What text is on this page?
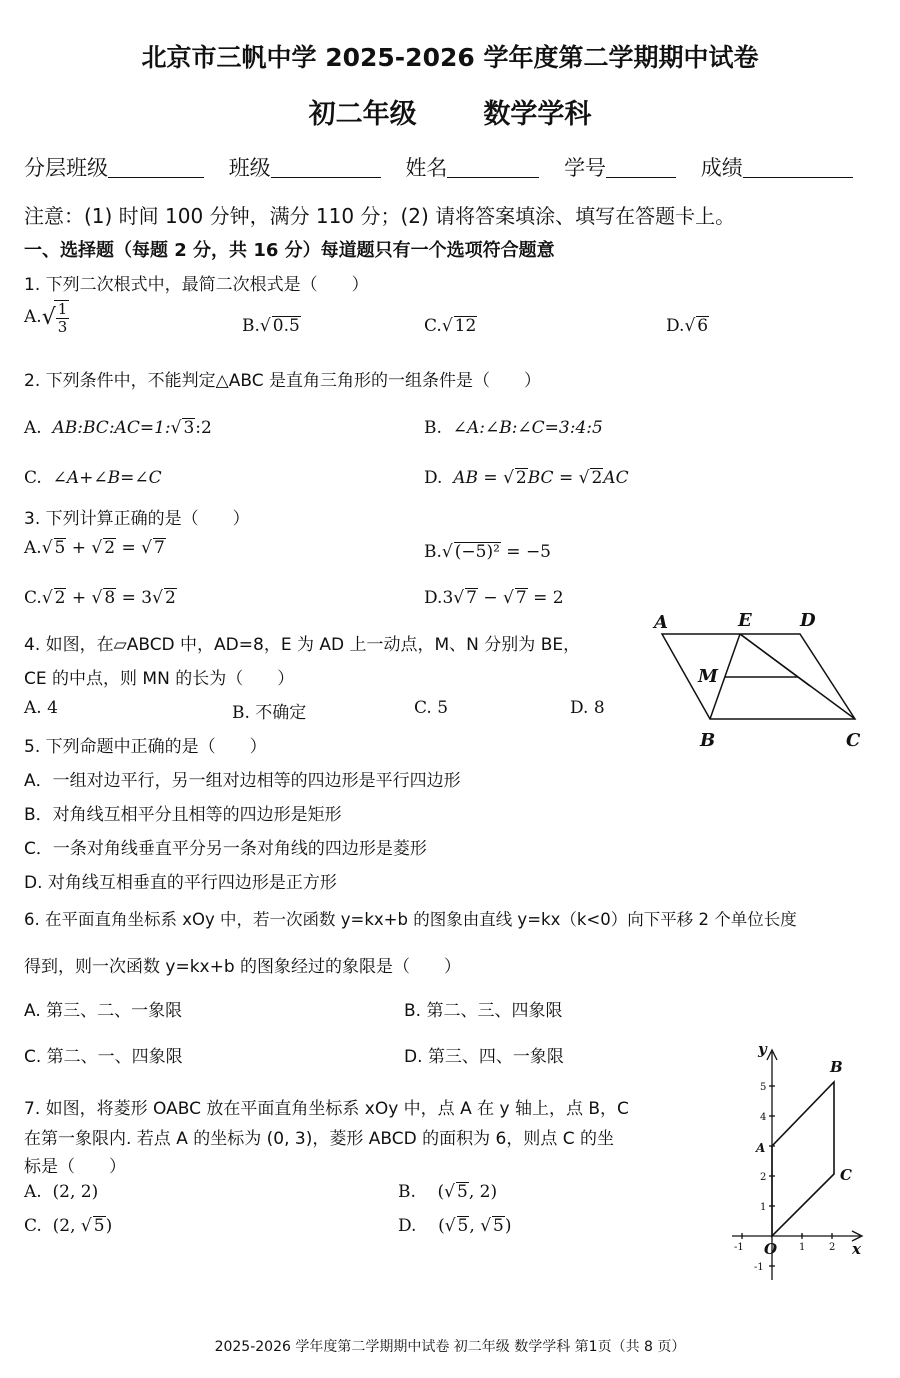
北京市三帆中学 2025-2026 学年度第二学期期中试卷
初二年级 数学学科
分层班级	班级	姓名	学号	成绩
注意：(1) 时间 100 分钟，满分 110 分；(2) 请将答案填涂、填写在答题卡上。
一、选择题（每题 2 分，共 16 分）每道题只有一个选项符合题意
1. 下列二次根式中，最简二次根式是（　　）
A.√
$\frac{1}{3}$	B.√ 0.5	C.√ 12	D.√ 6
2. 下列条件中，不能判定△ABC 是直角三角形的一组条件是（　　）
A. AB:BC:AC=1:√ 3:2	B. ∠A:∠B:∠C=3:4:5
C. ∠A+∠B=∠C	D. AB = √ 2BC = √ 2AC
3. 下列计算正确的是（　　）
A.√ 5 + √ 2 = √ 7	B.√ (−5)² = −5
C.√ 2 + √ 8 = 3√ 2	D.3√ 7 − √ 7 = 2
4. 如图，在▱ABCD 中，AD=8，E 为 AD 上一动点，M、N 分别为 BE，
CE 的中点，则 MN 的长为（　　）
A. 4	B. 不确定	C. 5	D. 8
A	E	D
M
B	C
5. 下列命题中正确的是（　　）
A．一组对边平行，另一组对边相等的四边形是平行四边形
B．对角线互相平分且相等的四边形是矩形
C．一条对角线垂直平分另一条对角线的四边形是菱形
D. 对角线互相垂直的平行四边形是正方形
6. 在平面直角坐标系 xOy 中，若一次函数 y=kx+b 的图象由直线 y=kx（k<0）向下平移 2 个单位长度
得到，则一次函数 y=kx+b 的图象经过的象限是（　　）
A. 第三、二、一象限	B. 第二、三、四象限
C. 第二、一、四象限	D. 第三、四、一象限
7. 如图，将菱形 OABC 放在平面直角坐标系 xOy 中，点 A 在 y 轴上，点 B，C
在第一象限内. 若点 A 的坐标为 (0, 3)，菱形 ABCD 的面积为 6，则点 C 的坐
标是（　　）
A. (2, 2)	B. (√ 5, 2)
C. (2, √ 5)	D. (√ 5, √ 5)
5
4
2
1
-1
-1	1 2
y
x
O
A
B
C
2025-2026 学年度第二学期期中试卷 初二年级 数学学科 第1页（共 8 页）
